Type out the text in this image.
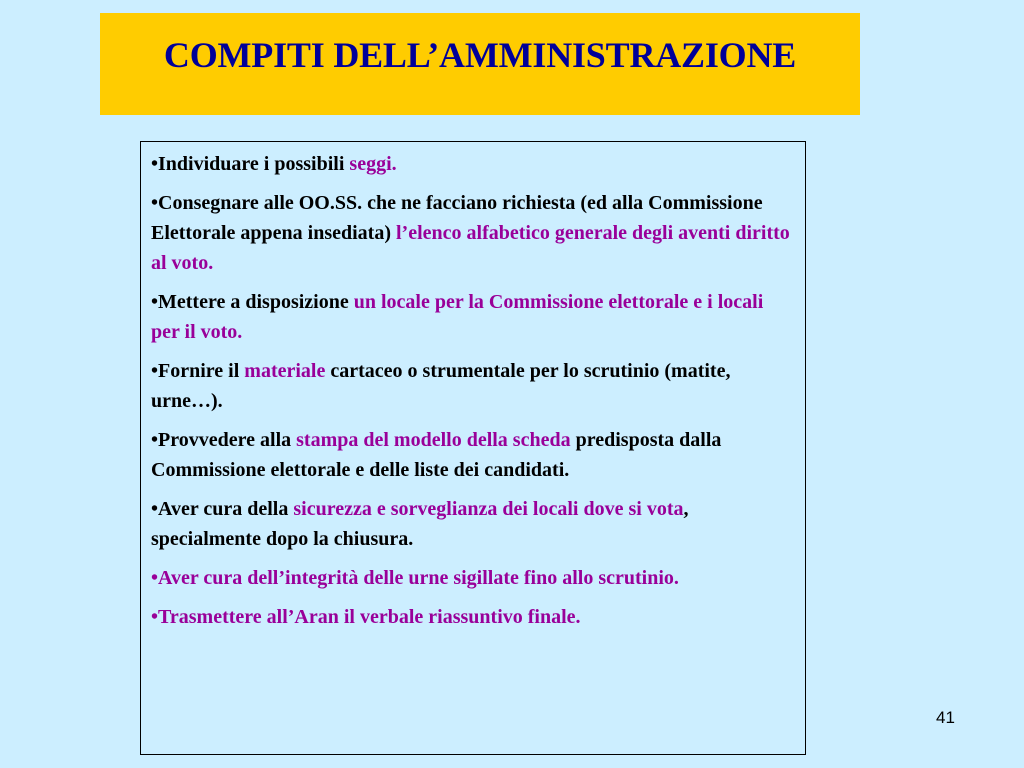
COMPITI DELL’AMMINISTRAZIONE

•Individuare i possibili seggi.

•Consegnare alle OO.SS. che ne facciano richiesta (ed alla Commissione Elettorale appena insediata) l’elenco alfabetico generale degli aventi diritto al voto.

•Mettere a disposizione un locale per la Commissione elettorale e i locali per il voto.

•Fornire il materiale cartaceo o strumentale per lo scrutinio (matite, urne…).

•Provvedere alla stampa del modello della scheda predisposta dalla Commissione elettorale e delle liste dei candidati.

•Aver cura della sicurezza e sorveglianza dei locali dove si vota, specialmente dopo la chiusura.

•Aver cura dell’integrità delle urne sigillate fino allo scrutinio.

•Trasmettere all’Aran il verbale riassuntivo finale.

41
